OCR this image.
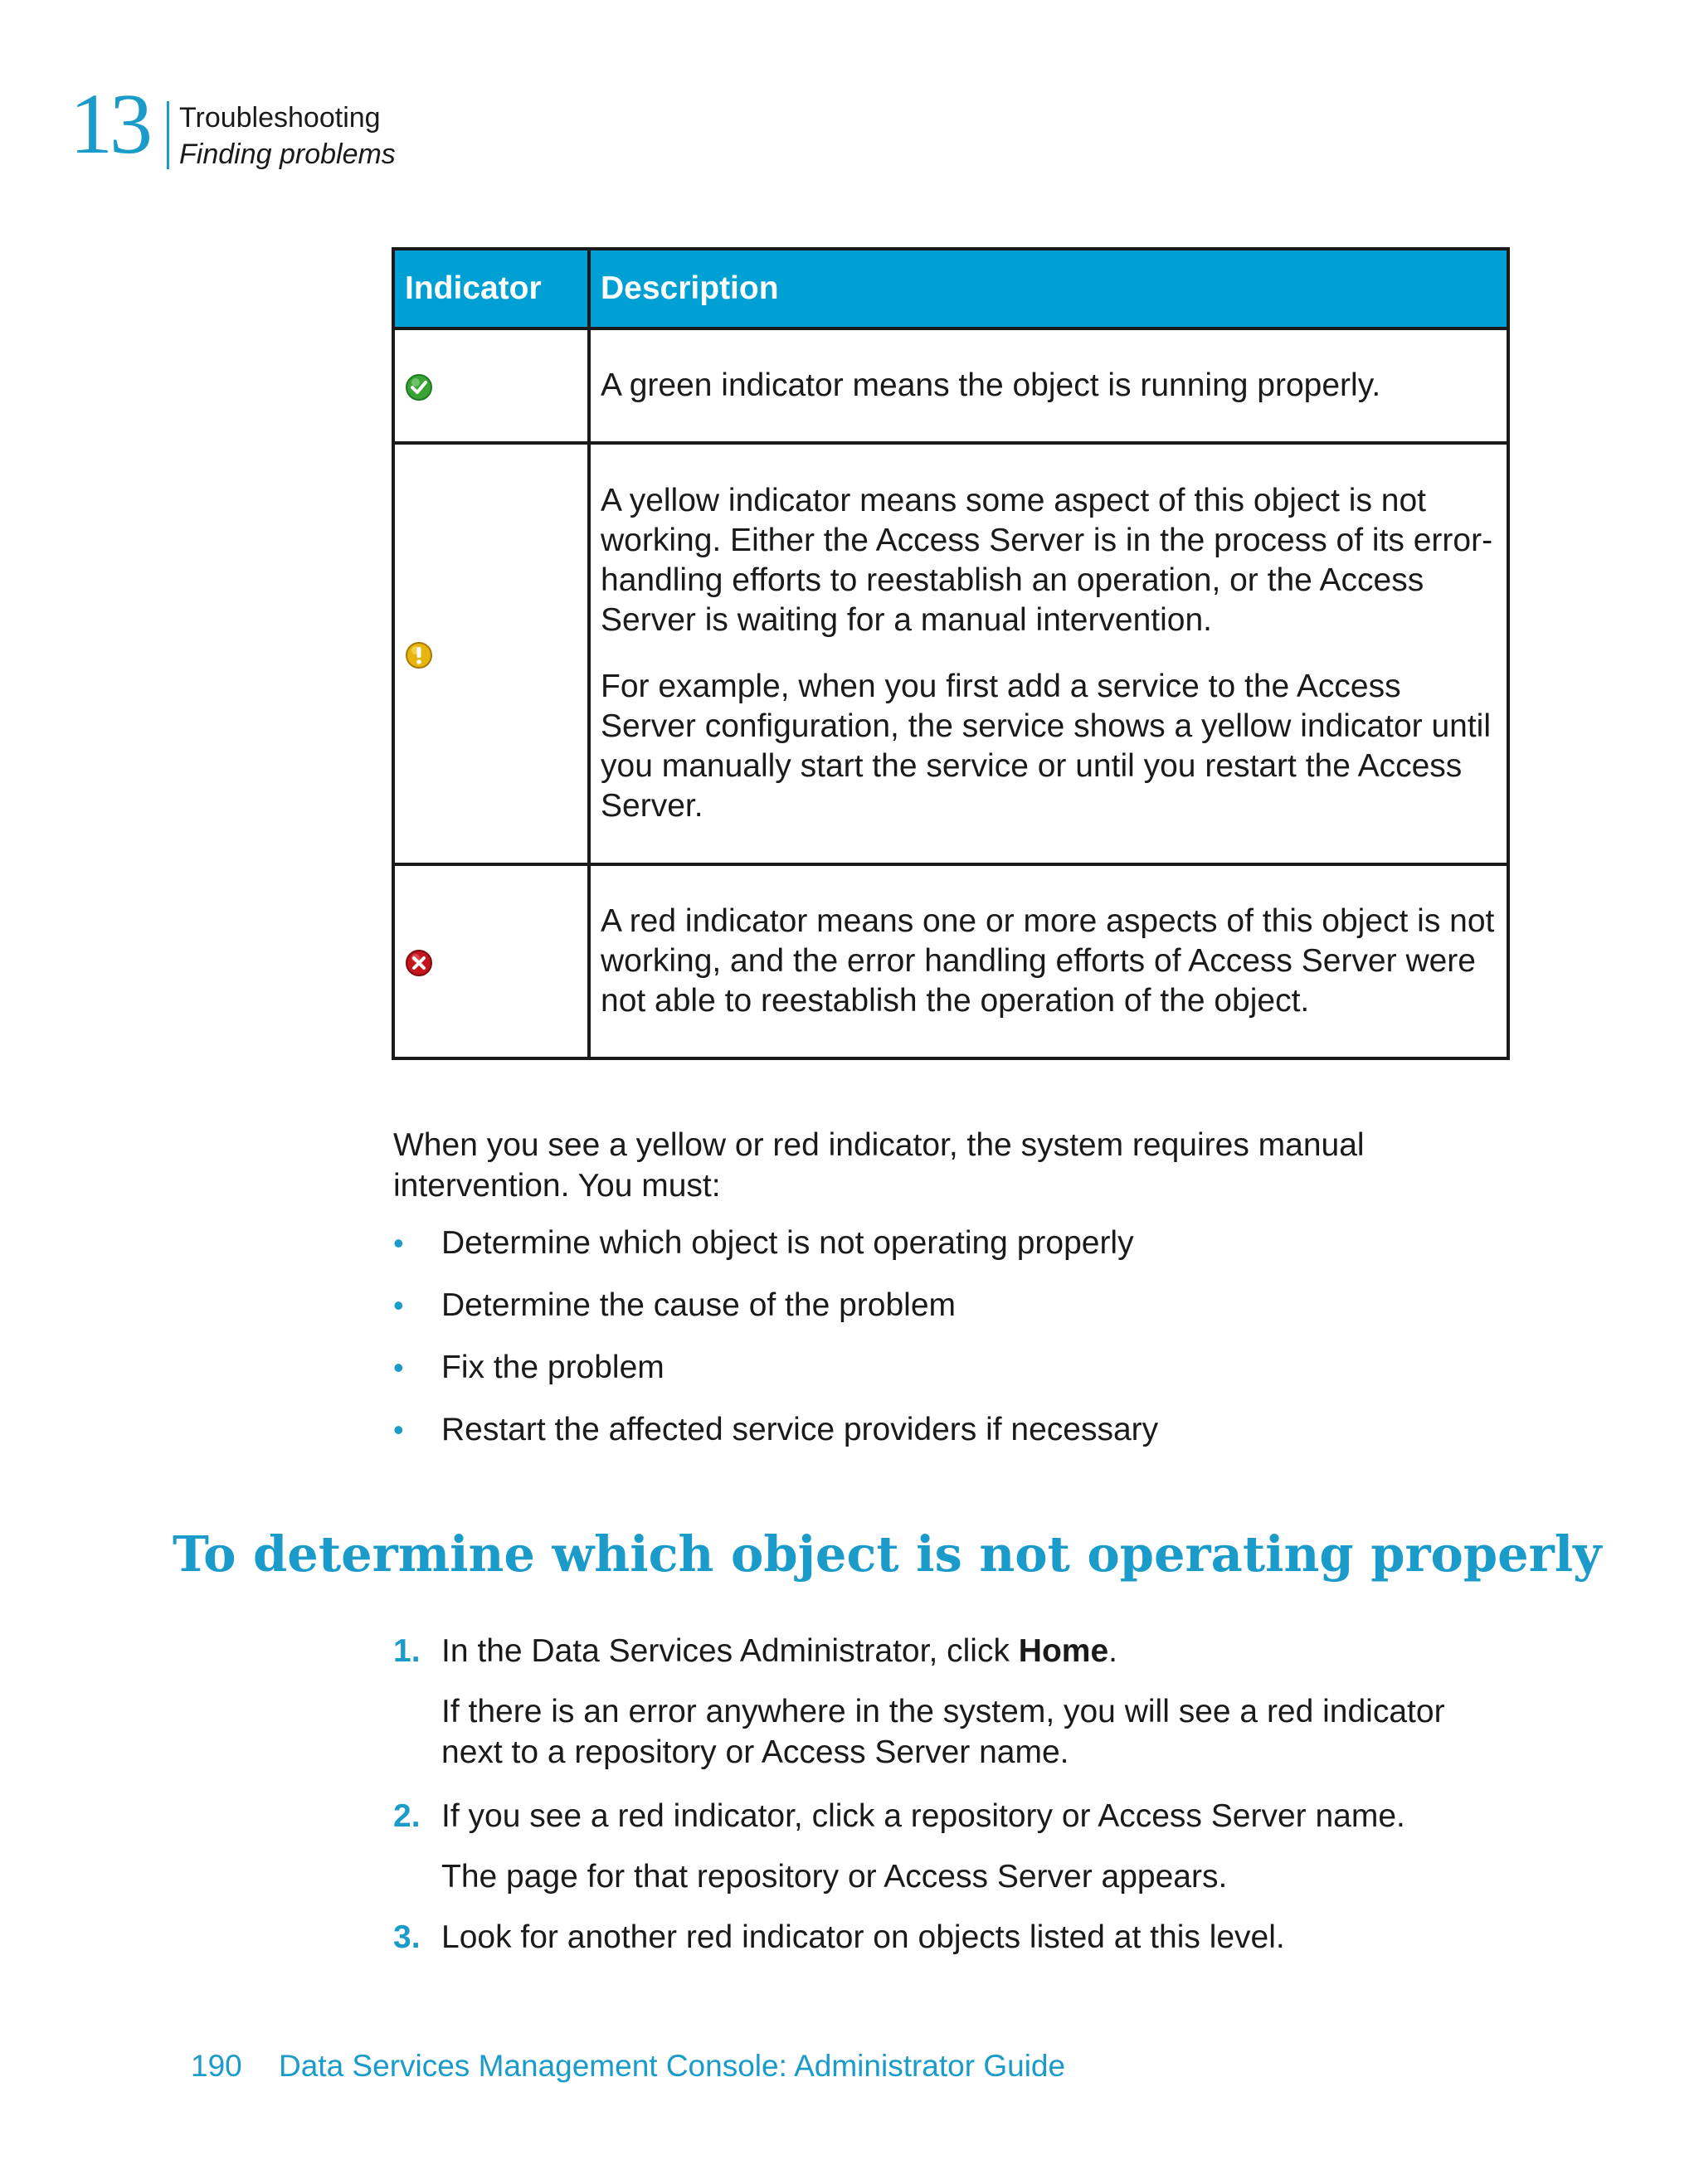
13 Troubleshooting
Finding problems
Indicator	Description

A green indicator means the object is running properly.

A yellow indicator means some aspect of this object is not working. Either the Access Server is in the process of its error-handling efforts to reestablish an operation, or the Access Server is waiting for a manual intervention.

For example, when you first add a service to the Access Server configuration, the service shows a yellow indicator until you manually start the service or until you restart the Access Server.

A red indicator means one or more aspects of this object is not working, and the error handling efforts of Access Server were not able to reestablish the operation of the object.

When you see a yellow or red indicator, the system requires manual intervention. You must:

• Determine which object is not operating properly
• Determine the cause of the problem
• Fix the problem
• Restart the affected service providers if necessary
To determine which object is not operating properly
1. In the Data Services Administrator, click Home.

If there is an error anywhere in the system, you will see a red indicator next to a repository or Access Server name.

2. If you see a red indicator, click a repository or Access Server name.

The page for that repository or Access Server appears.

3. Look for another red indicator on objects listed at this level.

190 Data Services Management Console: Administrator Guide
